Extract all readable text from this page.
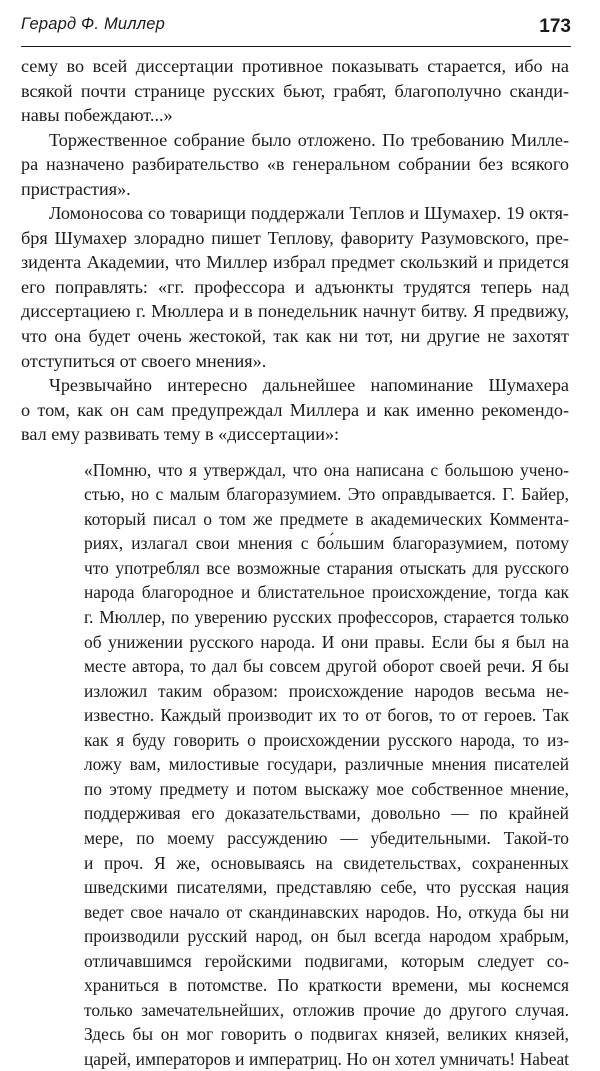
Герард Ф. Миллер	173

сему во всей диссертации противное показывать старается, ибо на
всякой почти странице русских бьют, грабят, благополучно сканди-
навы побеждают...»

Торжественное собрание было отложено. По требованию Милле-
ра назначено разбирательство «в генеральном собрании без всякого
пристрастия».

Ломоносова со товарищи поддержали Теплов и Шумахер. 19 октя-
бря Шумахер злорадно пишет Теплову, фавориту Разумовского, пре-
зидента Академии, что Миллер избрал предмет скользкий и придется
его поправлять: «гг. профессора и адъюнкты трудятся теперь над
диссертациею г. Мюллера и в понедельник начнут битву. Я предвижу,
что она будет очень жестокой, так как ни тот, ни другие не захотят
отступиться от своего мнения».

Чрезвычайно интересно дальнейшее напоминание Шумахера
о том, как он сам предупреждал Миллера и как именно рекомендо-
вал ему развивать тему в «диссертации»:

«Помню, что я утверждал, что она написана с большою учено-
стью, но с малым благоразумием. Это оправдывается. Г. Байер,
который писал о том же предмете в академических Коммента-
риях, излагал свои мнения с бо́льшим благоразумием, потому
что употреблял все возможные старания отыскать для русского
народа благородное и блистательное происхождение, тогда как
г. Мюллер, по уверению русских профессоров, старается только
об унижении русского народа. И они правы. Если бы я был на
месте автора, то дал бы совсем другой оборот своей речи. Я бы
изложил таким образом: происхождение народов весьма не-
известно. Каждый производит их то от богов, то от героев. Так
как я буду говорить о происхождении русского народа, то из-
ложу вам, милостивые государи, различные мнения писателей
по этому предмету и потом выскажу мое собственное мнение,
поддерживая его доказательствами, довольно — по крайней
мере, по моему рассуждению — убедительными. Такой-то
и проч. Я же, основываясь на свидетельствах, сохраненных
шведскими писателями, представляю себе, что русская нация
ведет свое начало от скандинавских народов. Но, откуда бы ни
производили русский народ, он был всегда народом храбрым,
отличавшимся геройскими подвигами, которым следует со-
храниться в потомстве. По краткости времени, мы коснемся
только замечательнейших, отложив прочие до другого случая.
Здесь бы он мог говорить о подвигах князей, великих князей,
царей, императоров и императриц. Но он хотел умничать! Habeat
